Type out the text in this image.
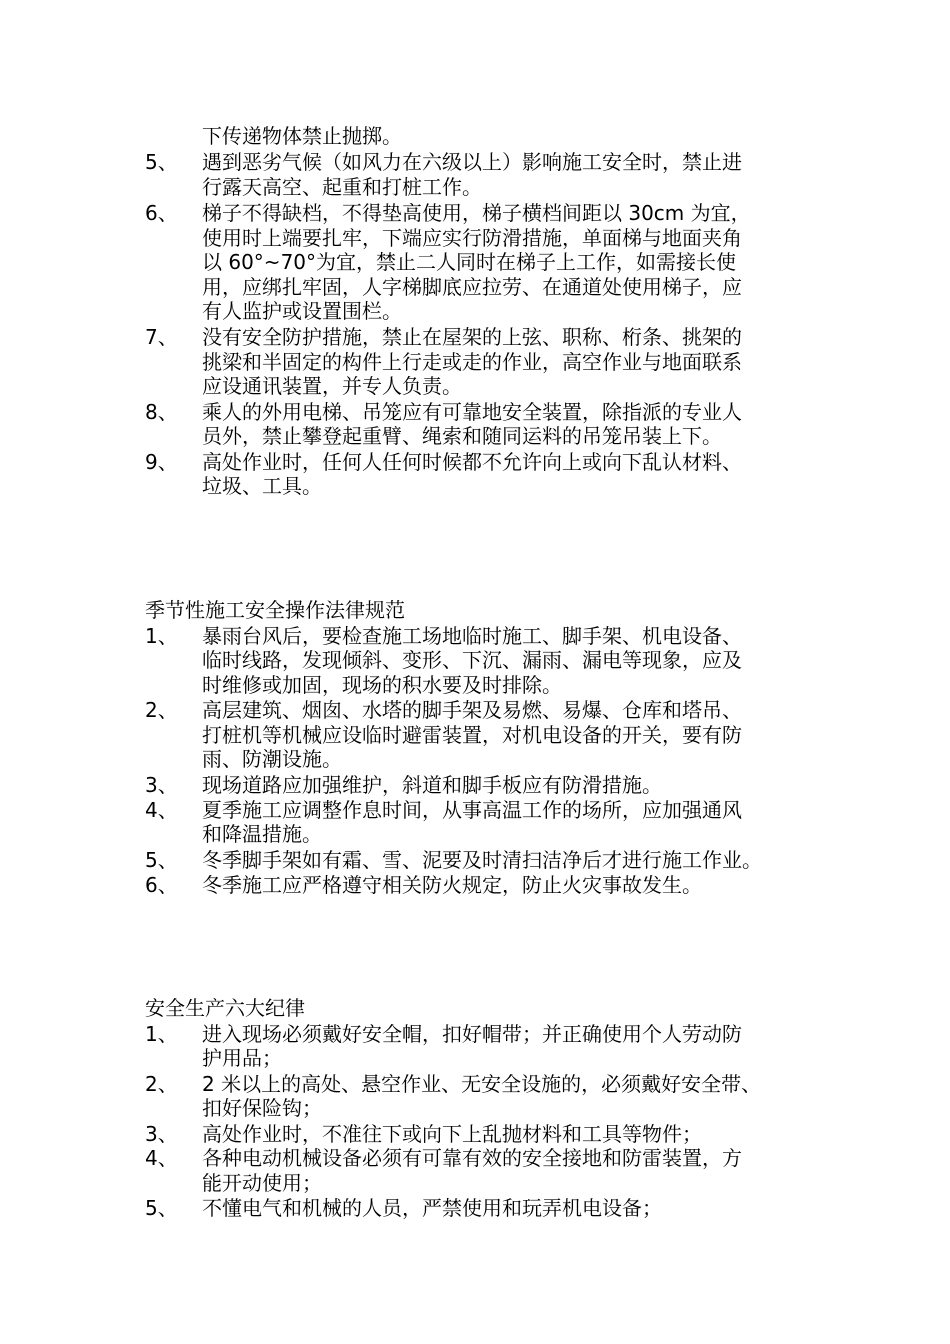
下传递物体禁止抛掷。
5、 遇到恶劣气候（如风力在六级以上）影响施工安全时，禁止进
行露天高空、起重和打桩工作。
6、 梯子不得缺档，不得垫高使用，梯子横档间距以 30cm 为宜，
使用时上端要扎牢，下端应实行防滑措施，单面梯与地面夹角
以 60°~70°为宜，禁止二人同时在梯子上工作，如需接长使
用，应绑扎牢固，人字梯脚底应拉劳、在通道处使用梯子，应
有人监护或设置围栏。
7、 没有安全防护措施，禁止在屋架的上弦、职称、桁条、挑架的
挑梁和半固定的构件上行走或走的作业，高空作业与地面联系
应设通讯装置，并专人负责。
8、 乘人的外用电梯、吊笼应有可靠地安全装置，除指派的专业人
员外，禁止攀登起重臂、绳索和随同运料的吊笼吊装上下。
9、 高处作业时，任何人任何时候都不允许向上或向下乱认材料、
垃圾、工具。
季节性施工安全操作法律规范
1、 暴雨台风后，要检查施工场地临时施工、脚手架、机电设备、
临时线路，发现倾斜、变形、下沉、漏雨、漏电等现象，应及
时维修或加固，现场的积水要及时排除。
2、 高层建筑、烟囱、水塔的脚手架及易燃、易爆、仓库和塔吊、
打桩机等机械应设临时避雷装置，对机电设备的开关，要有防
雨、防潮设施。
3、 现场道路应加强维护，斜道和脚手板应有防滑措施。
4、 夏季施工应调整作息时间，从事高温工作的场所，应加强通风
和降温措施。
5、 冬季脚手架如有霜、雪、泥要及时清扫洁净后才进行施工作业。
6、 冬季施工应严格遵守相关防火规定，防止火灾事故发生。
安全生产六大纪律
1、 进入现场必须戴好安全帽，扣好帽带；并正确使用个人劳动防
护用品；
2、 2 米以上的高处、悬空作业、无安全设施的，必须戴好安全带、
扣好保险钩；
3、 高处作业时，不准往下或向下上乱抛材料和工具等物件；
4、 各种电动机械设备必须有可靠有效的安全接地和防雷装置，方
能开动使用；
5、 不懂电气和机械的人员，严禁使用和玩弄机电设备；
